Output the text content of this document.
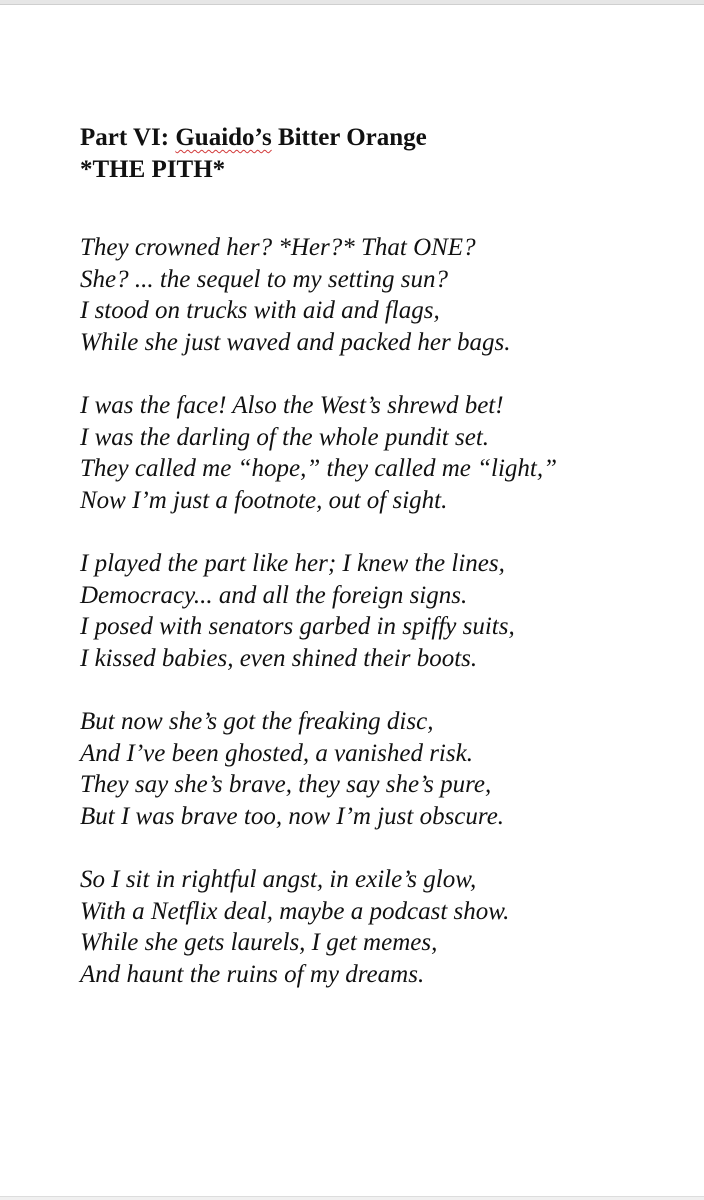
Part VI: Guaido’s Bitter Orange
*THE PITH*
They crowned her? *Her?* That ONE?
She? ... the sequel to my setting sun?
I stood on trucks with aid and flags,
While she just waved and packed her bags.
I was the face! Also the West’s shrewd bet!
I was the darling of the whole pundit set.
They called me “hope,” they called me “light,”
Now I’m just a footnote, out of sight.
I played the part like her; I knew the lines,
Democracy... and all the foreign signs.
I posed with senators garbed in spiffy suits,
I kissed babies, even shined their boots.
But now she’s got the freaking disc,
And I’ve been ghosted, a vanished risk.
They say she’s brave, they say she’s pure,
But I was brave too, now I’m just obscure.
So I sit in rightful angst, in exile’s glow,
With a Netflix deal, maybe a podcast show.
While she gets laurels, I get memes,
And haunt the ruins of my dreams.
